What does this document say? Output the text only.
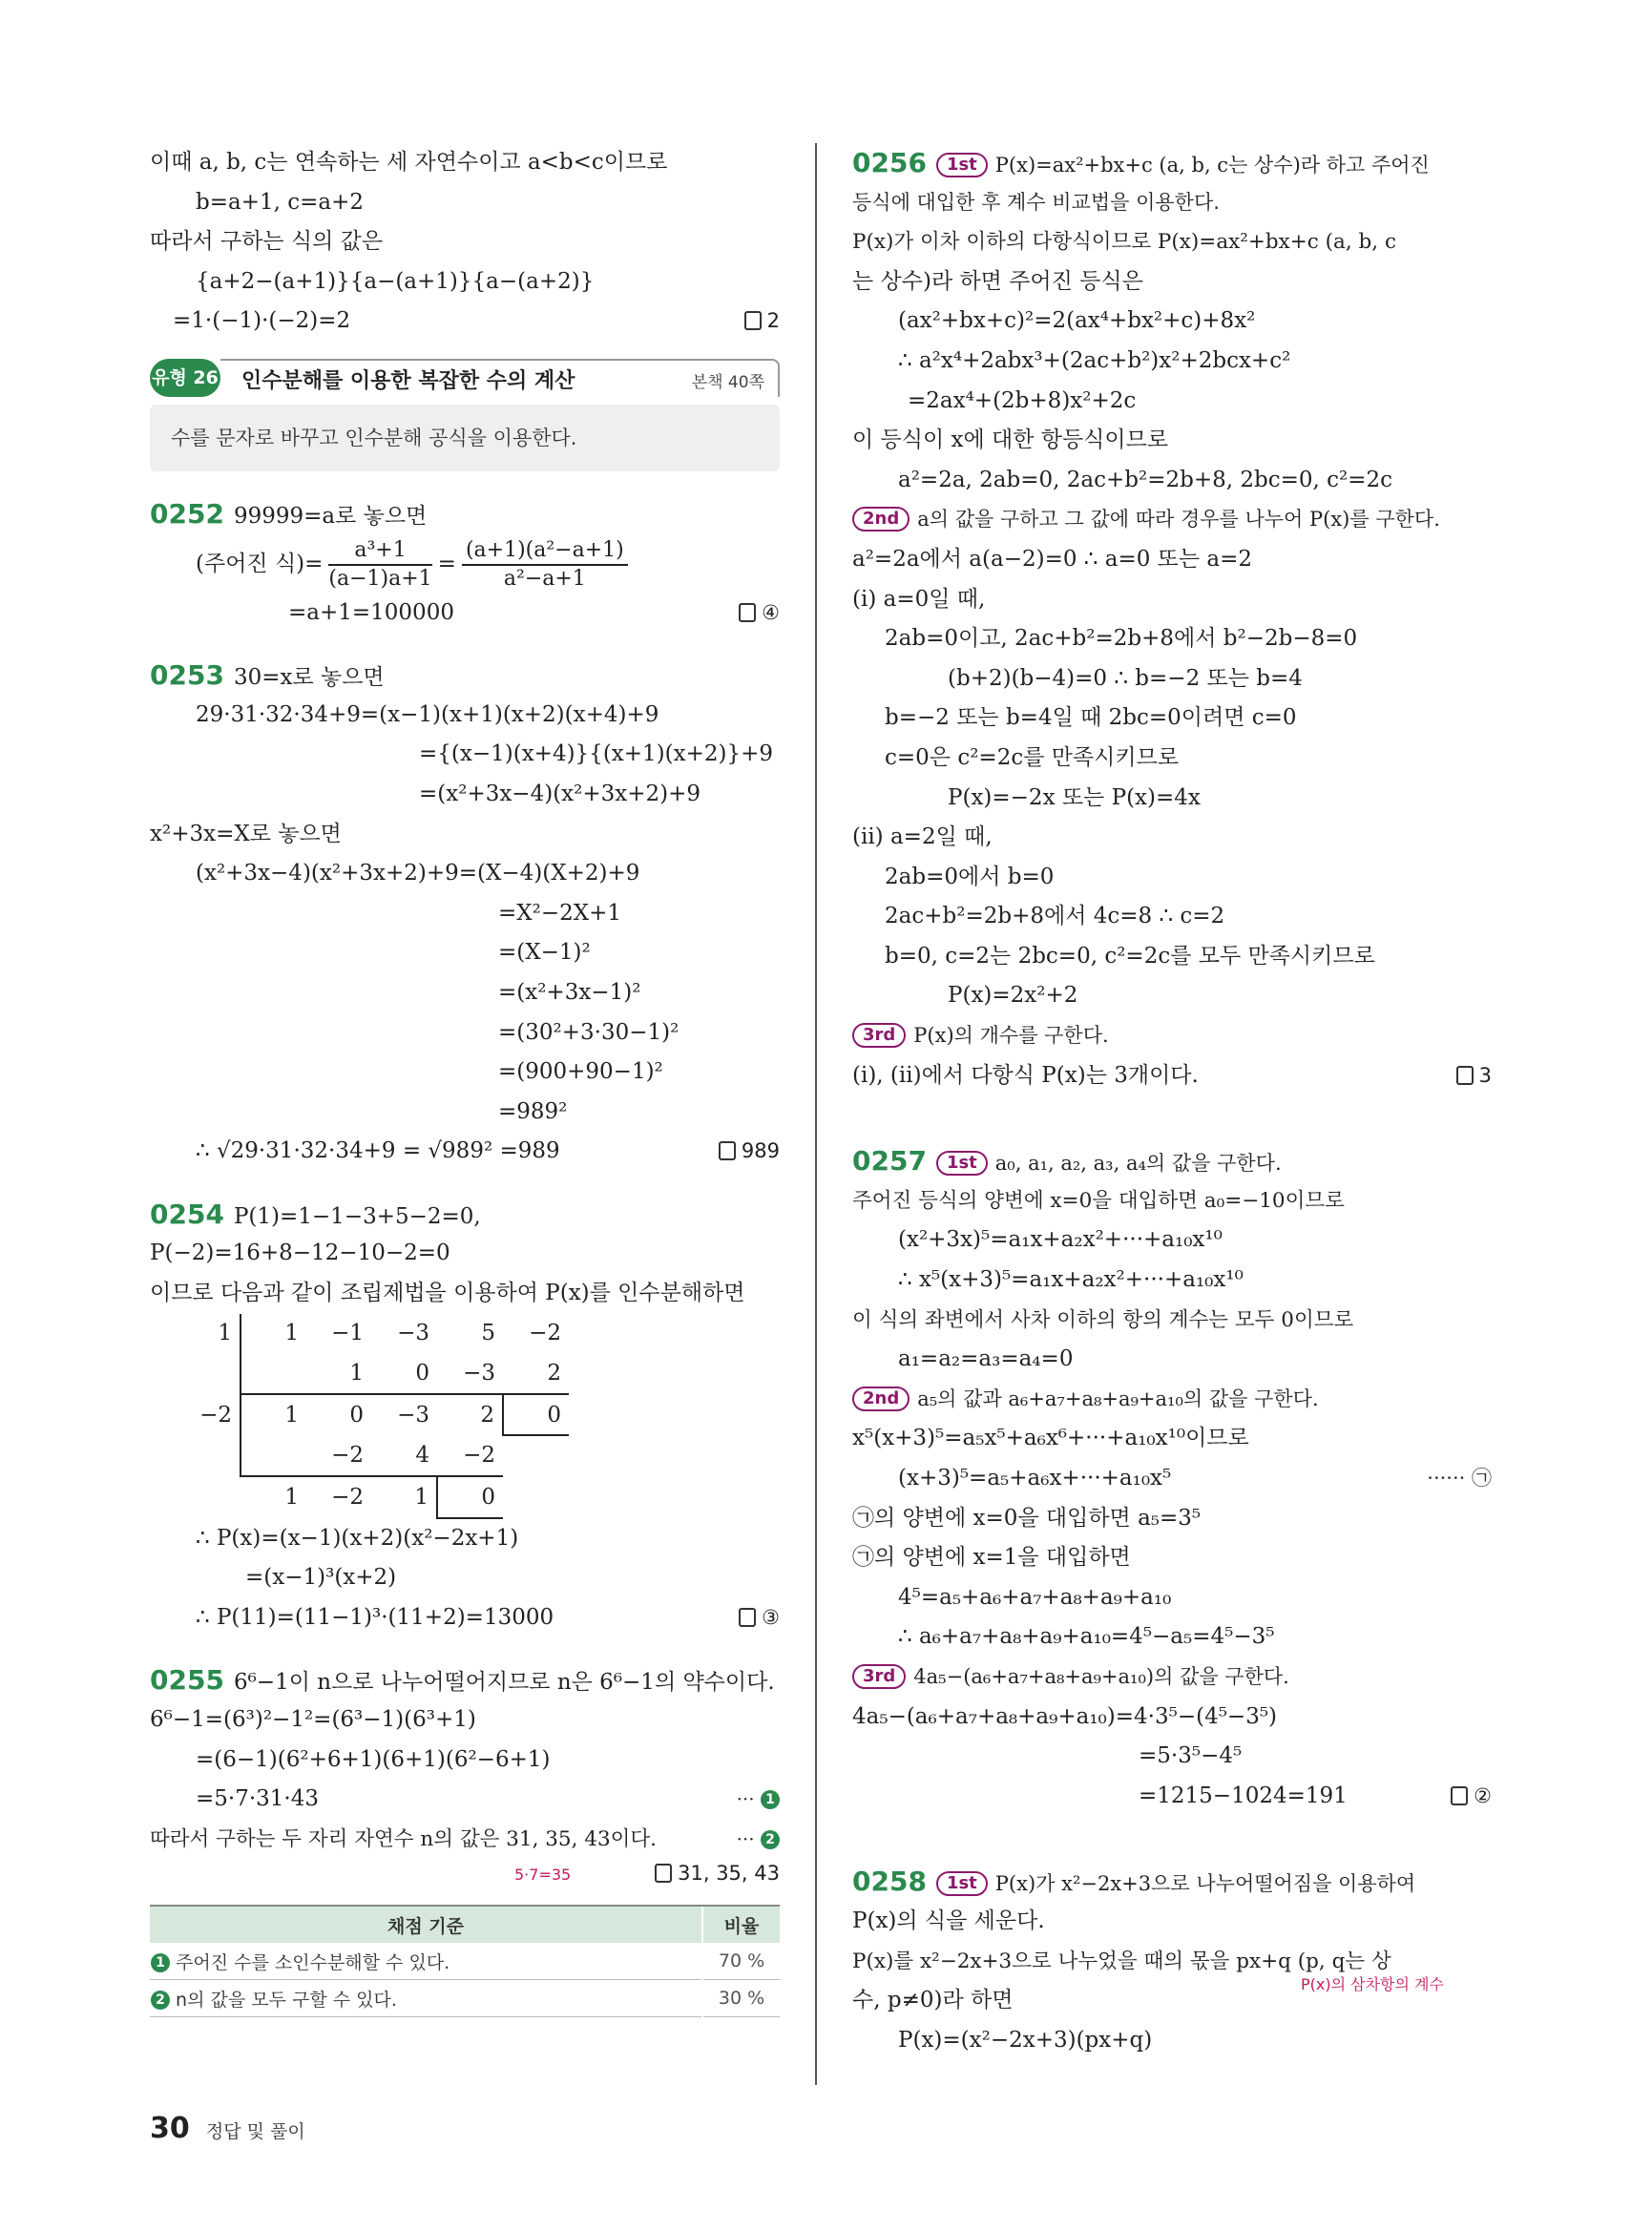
이때 a, b, c는 연속하는 세 자연수이고 a<b<c이므로
b=a+1, c=a+2
따라서 구하는 식의 값은
{a+2−(a+1)}{a−(a+1)}{a−(a+2)}
=1·(−1)·(−2)=2	2
유형 26 인수분해를 이용한 복잡한 수의 계산	본책 40쪽
수를 문자로 바꾸고 인수분해 공식을 이용한다.
0252 99999=a로 놓으면
(주어진 식)= $\frac{\text{a³+1}}{(a-1)a+1} = \frac{\text{(a+1)(a²−a+1)}}{\text{a²−a+1}}$
=a+1=100000	④
0253 30=x로 놓으면
29·31·32·34+9=(x−1)(x+1)(x+2)(x+4)+9
={(x−1)(x+4)}{(x+1)(x+2)}+9
=(x²+3x−4)(x²+3x+2)+9
x²+3x=X로 놓으면
(x²+3x−4)(x²+3x+2)+9=(X−4)(X+2)+9
=X²−2X+1
=(X−1)²
=(x²+3x−1)²
=(30²+3·30−1)²
=(900+90−1)²
=989²
∴ √29·31·32·34+9 = √989² =989	989
0254 P(1)=1−1−3+5−2=0,
P(−2)=16+8−12−10−2=0
이므로 다음과 같이 조립제법을 이용하여 P(x)를 인수분해하면
1	1	−1	−3	5	−2
		1	0	−3	2
−2	1	0	−3	2	0
		−2	4	−2	
	1	−2	1	0	
∴ P(x)=(x−1)(x+2)(x²−2x+1)
=(x−1)³(x+2)
∴ P(11)=(11−1)³·(11+2)=13000	③
0255 6⁶−1이 n으로 나누어떨어지므로 n은 6⁶−1의 약수이다.
6⁶−1=(6³)²−1²=(6³−1)(6³+1)
=(6−1)(6²+6+1)(6+1)(6²−6+1)
=5·7·31·43	··· 1
따라서 구하는 두 자리 자연수 n의 값은 31, 35, 43이다.	··· 2
5·7=35	31, 35, 43
채점 기준	비율
1 주어진 수를 소인수분해할 수 있다.	70 %
2 n의 값을 모두 구할 수 있다.	30 %
0256 1st P(x)=ax²+bx+c (a, b, c는 상수)라 하고 주어진
등식에 대입한 후 계수 비교법을 이용한다.
P(x)가 이차 이하의 다항식이므로 P(x)=ax²+bx+c (a, b, c
는 상수)라 하면 주어진 등식은
(ax²+bx+c)²=2(ax⁴+bx²+c)+8x²
∴ a²x⁴+2abx³+(2ac+b²)x²+2bcx+c²
=2ax⁴+(2b+8)x²+2c
이 등식이 x에 대한 항등식이므로
a²=2a, 2ab=0, 2ac+b²=2b+8, 2bc=0, c²=2c
2nd a의 값을 구하고 그 값에 따라 경우를 나누어 P(x)를 구한다.
a²=2a에서 a(a−2)=0 ∴ a=0 또는 a=2
(i) a=0일 때,
2ab=0이고, 2ac+b²=2b+8에서 b²−2b−8=0
(b+2)(b−4)=0 ∴ b=−2 또는 b=4
b=−2 또는 b=4일 때 2bc=0이려면 c=0
c=0은 c²=2c를 만족시키므로
P(x)=−2x 또는 P(x)=4x
(ii) a=2일 때,
2ab=0에서 b=0
2ac+b²=2b+8에서 4c=8 ∴ c=2
b=0, c=2는 2bc=0, c²=2c를 모두 만족시키므로
P(x)=2x²+2
3rd P(x)의 개수를 구한다.
(i), (ii)에서 다항식 P(x)는 3개이다.	3
0257 1st a₀, a₁, a₂, a₃, a₄의 값을 구한다.
주어진 등식의 양변에 x=0을 대입하면 a₀=−10이므로
(x²+3x)⁵=a₁x+a₂x²+···+a₁₀x¹⁰
∴ x⁵(x+3)⁵=a₁x+a₂x²+···+a₁₀x¹⁰
이 식의 좌변에서 사차 이하의 항의 계수는 모두 0이므로
a₁=a₂=a₃=a₄=0
2nd a₅의 값과 a₆+a₇+a₈+a₉+a₁₀의 값을 구한다.
x⁵(x+3)⁵=a₅x⁵+a₆x⁶+···+a₁₀x¹⁰이므로
(x+3)⁵=a₅+a₆x+···+a₁₀x⁵	······ ㉠
㉠의 양변에 x=0을 대입하면 a₅=3⁵
㉠의 양변에 x=1을 대입하면
4⁵=a₅+a₆+a₇+a₈+a₉+a₁₀
∴ a₆+a₇+a₈+a₉+a₁₀=4⁵−a₅=4⁵−3⁵
3rd 4a₅−(a₆+a₇+a₈+a₉+a₁₀)의 값을 구한다.
4a₅−(a₆+a₇+a₈+a₉+a₁₀)=4·3⁵−(4⁵−3⁵)
=5·3⁵−4⁵
=1215−1024=191	②
0258 1st P(x)가 x²−2x+3으로 나누어떨어짐을 이용하여
P(x)의 식을 세운다.
P(x)를 x²−2x+3으로 나누었을 때의 몫을 px+q (p, q는 상
수, p≠0)라 하면
P(x)의 삼차항의 계수
P(x)=(x²−2x+3)(px+q)
30 정답 및 풀이
